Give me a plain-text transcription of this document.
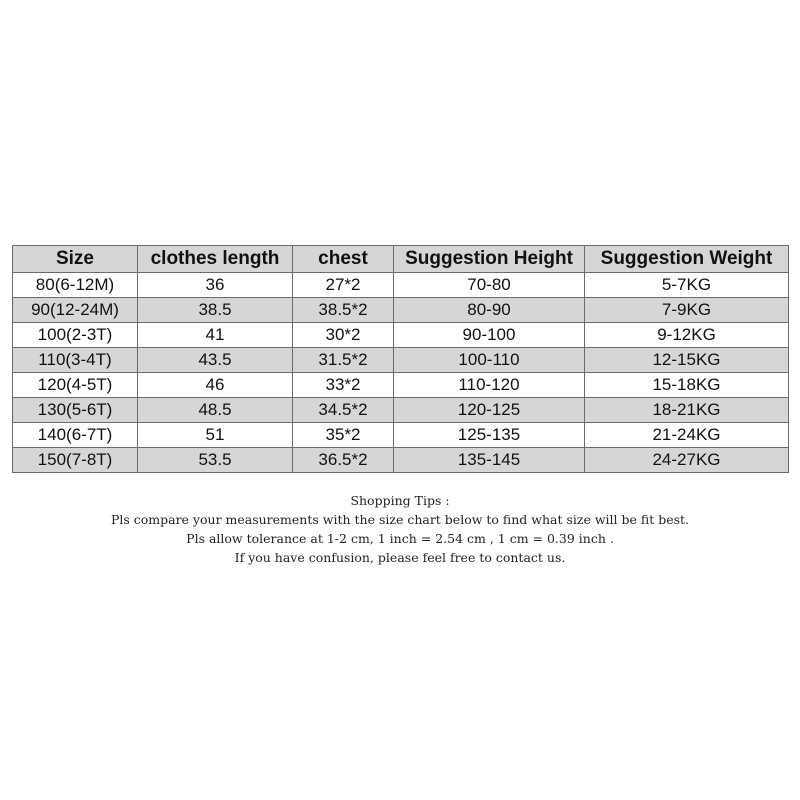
Size	clothes length	chest	Suggestion Height	Suggestion Weight
80(6-12M)	36	27*2	70-80	5-7KG
90(12-24M)	38.5	38.5*2	80-90	7-9KG
100(2-3T)	41	30*2	90-100	9-12KG
110(3-4T)	43.5	31.5*2	100-110	12-15KG
120(4-5T)	46	33*2	110-120	15-18KG
130(5-6T)	48.5	34.5*2	120-125	18-21KG
140(6-7T)	51	35*2	125-135	21-24KG
150(7-8T)	53.5	36.5*2	135-145	24-27KG
Shopping Tips :
Pls compare your measurements with the size chart below to find what size will be fit best.
Pls allow tolerance at 1-2 cm, 1 inch = 2.54 cm , 1 cm = 0.39 inch .
If you have confusion, please feel free to contact us.
